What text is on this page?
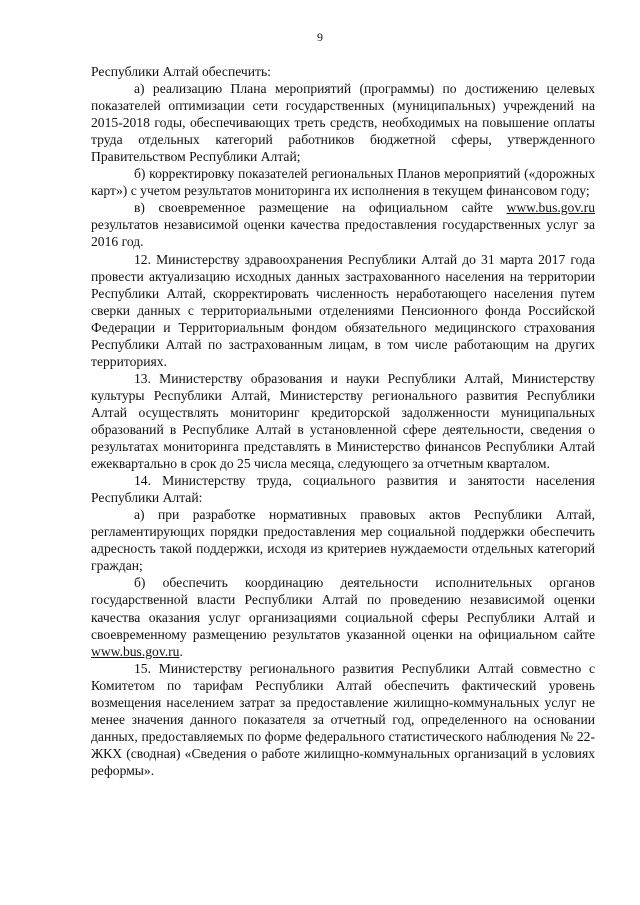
9

Республики Алтай обеспечить:

а) реализацию Плана мероприятий (программы) по достижению целевых показателей оптимизации сети государственных (муниципальных) учреждений на 2015-2018 годы, обеспечивающих треть средств, необходимых на повышение оплаты труда отдельных категорий работников бюджетной сферы, утвержденного Правительством Республики Алтай;

б) корректировку показателей региональных Планов мероприятий («дорожных карт») с учетом результатов мониторинга их исполнения в текущем финансовом году;

в) своевременное размещение на официальном сайте www.bus.gov.ru результатов независимой оценки качества предоставления государственных услуг за 2016 год.

12. Министерству здравоохранения Республики Алтай до 31 марта 2017 года провести актуализацию исходных данных застрахованного населения на территории Республики Алтай, скорректировать численность неработающего населения путем сверки данных с территориальными отделениями Пенсионного фонда Российской Федерации и Территориальным фондом обязательного медицинского страхования Республики Алтай по застрахованным лицам, в том числе работающим на других территориях.

13. Министерству образования и науки Республики Алтай, Министерству культуры Республики Алтай, Министерству регионального развития Республики Алтай осуществлять мониторинг кредиторской задолженности муниципальных образований в Республике Алтай в установленной сфере деятельности, сведения о результатах мониторинга представлять в Министерство финансов Республики Алтай ежеквартально в срок до 25 числа месяца, следующего за отчетным кварталом.

14. Министерству труда, социального развития и занятости населения Республики Алтай:

а) при разработке нормативных правовых актов Республики Алтай, регламентирующих порядки предоставления мер социальной поддержки обеспечить адресность такой поддержки, исходя из критериев нуждаемости отдельных категорий граждан;

б) обеспечить координацию деятельности исполнительных органов государственной власти Республики Алтай по проведению независимой оценки качества оказания услуг организациями социальной сферы Республики Алтай и своевременному размещению результатов указанной оценки на официальном сайте www.bus.gov.ru.

15. Министерству регионального развития Республики Алтай совместно с Комитетом по тарифам Республики Алтай обеспечить фактический уровень возмещения населением затрат за предоставление жилищно-коммунальных услуг не менее значения данного показателя за отчетный год, определенного на основании данных, предоставляемых по форме федерального статистического наблюдения № 22-ЖКХ (сводная) «Сведения о работе жилищно-коммунальных организаций в условиях реформы».
